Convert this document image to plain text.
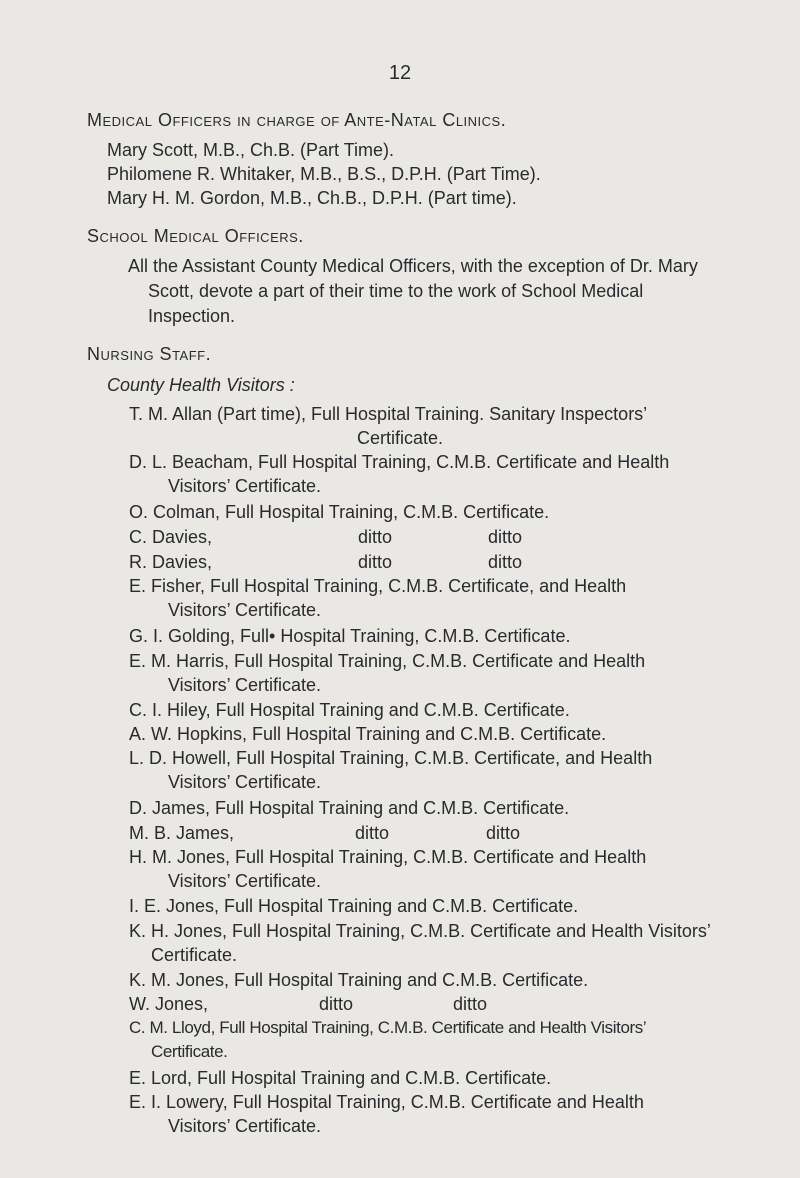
12
Medical Officers in charge of Ante-Natal Clinics.
Mary Scott, M.B., Ch.B. (Part Time).
Philomene R. Whitaker, M.B., B.S., D.P.H. (Part Time).
Mary H. M. Gordon, M.B., Ch.B., D.P.H. (Part time).
School Medical Officers.
All the Assistant County Medical Officers, with the exception of Dr. Mary
Scott, devote a part of their time to the work of School Medical
Inspection.
Nursing Staff.
County Health Visitors :
T. M. Allan (Part time), Full Hospital Training. Sanitary Inspectors’
Certificate.
D. L. Beacham, Full Hospital Training, C.M.B. Certificate and Health
Visitors’ Certificate.
O. Colman, Full Hospital Training, C.M.B. Certificate.
C. Davies,	ditto	ditto
R. Davies,	ditto	ditto
E. Fisher, Full Hospital Training, C.M.B. Certificate, and Health
Visitors’ Certificate.
G. I. Golding, Full• Hospital Training, C.M.B. Certificate.
E. M. Harris, Full Hospital Training, C.M.B. Certificate and Health
Visitors’ Certificate.
C. I. Hiley, Full Hospital Training and C.M.B. Certificate.
A. W. Hopkins, Full Hospital Training and C.M.B. Certificate.
L. D. Howell, Full Hospital Training, C.M.B. Certificate, and Health
Visitors’ Certificate.
D. James, Full Hospital Training and C.M.B. Certificate.
M. B. James,	ditto	ditto
H. M. Jones, Full Hospital Training, C.M.B. Certificate and Health
Visitors’ Certificate.
I. E. Jones, Full Hospital Training and C.M.B. Certificate.
K. H. Jones, Full Hospital Training, C.M.B. Certificate and Health Visitors’
Certificate.
K. M. Jones, Full Hospital Training and C.M.B. Certificate.
W. Jones,	ditto	ditto
C. M. Lloyd, Full Hospital Training, C.M.B. Certificate and Health Visitors’
Certificate.
E. Lord, Full Hospital Training and C.M.B. Certificate.
E. I. Lowery, Full Hospital Training, C.M.B. Certificate and Health
Visitors’ Certificate.
